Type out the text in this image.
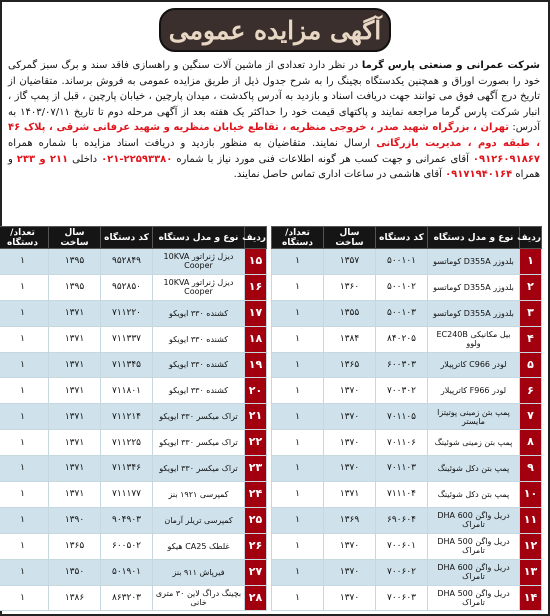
آگهی مزایده عمومی
شرکت عمرانی و صنعتی پارس گرما در نظر دارد تعدادی از ماشین آلات سنگین و راهسازی فاقد سند و برگ سبز گمرکی خود را بصورت اوراق و همچنین یکدستگاه بچینگ را به شرح جدول ذیل از طریق مزایده عمومی به فروش برساند. متقاضیان از تاریخ درج آگهی فوق می توانند جهت دریافت اسناد و بازدید به آدرس پاکدشت ، میدان پارچین ، خیابان پارچین ، قبل از پمپ گاز ، انبار شرکت پارس گرما مراجعه نمایند و پاکتهای قیمت خود را حداکثر یک هفته بعد از آگهی مرحله دوم تا تاریخ ۱۴۰۳/۰۷/۱۱ به آدرس: تهران ، بزرگراه شهید صدر ، خروجی منظریه ، تقاطع خیابان منظریه و شهید عرفانی شرقی ، پلاک ۴۶ ، طبقه دوم ، مدیریت بازرگانی ارسال نمایند. متقاضیان به منظور بازدید و دریافت اسناد مزایده با شماره همراه ۰۹۱۲۶۰۹۱۸۶۷ آقای عمرانی و جهت کسب هر گونه اطلاعات فنی مورد نیاز با شماره ۲۲۵۹۳۳۸۰-۰۲۱ داخلی ۲۱۱ و ۲۳۳ و همراه ۰۹۱۷۱۹۴۰۱۶۴ آقای هاشمی در ساعات اداری تماس حاصل نمایند.
ردیف	نوع و مدل دستگاه	کد دستگاه	سال ساخت	تعداد/دستگاه
۱	بلدوزر D355A کوماتسو	۵۰۰۱۰۱	۱۳۵۷	۱
۲	بلدوزر D355A کوماتسو	۵۰۰۱۰۲	۱۳۶۰	۱
۳	بلدوزر D355A کوماتسو	۵۰۰۱۰۳	۱۳۵۵	۱
۴	بیل مکانیکی EC240B ولوو	۸۴۰۲۰۵	۱۳۸۴	۱
۵	لودر C966 کاترپیلار	۶۰۰۳۰۳	۱۳۶۵	۱
۶	لودر F966 کاترپیلار	۷۰۰۳۰۲	۱۳۷۰	۱
۷	پمپ بتن زمینی پوتیتزا مایستر	۷۰۱۱۰۵	۱۳۷۰	۱
۸	پمپ بتن زمینی شوئینگ	۷۰۱۱۰۶	۱۳۷۰	۱
۹	پمپ بتن دکل شوئینگ	۷۰۱۱۰۳	۱۳۷۰	۱
۱۰	پمپ بتن دکل شوئینگ	۷۱۱۱۰۴	۱۳۷۱	۱
۱۱	دریل واگن DHA 600 تامراک	۶۹۰۶۰۴	۱۳۶۹	۱
۱۲	دریل واگن DHA 500 تامراک	۷۰۰۶۰۱	۱۳۷۰	۱
۱۳	دریل واگن DHA 600 تامراک	۷۰۰۶۰۲	۱۳۷۰	۱
۱۴	دریل واگن DHA 500 تامراک	۷۰۰۶۰۳	۱۳۷۰	۱
ردیف	نوع و مدل دستگاه	کد دستگاه	سال ساخت	تعداد/دستگاه
۱۵	دیزل ژنراتور 10KVA Cooper	۹۵۲۸۴۹	۱۳۹۵	۱
۱۶	دیزل ژنراتور 10KVA Cooper	۹۵۲۸۵۰	۱۳۹۵	۱
۱۷	کشنده ۳۳۰ ایویکو	۷۱۱۲۲۰	۱۳۷۱	۱
۱۸	کشنده ۳۳۰ ایویکو	۷۱۱۳۳۷	۱۳۷۱	۱
۱۹	کشنده ۳۳۰ ایویکو	۷۱۱۳۴۵	۱۳۷۱	۱
۲۰	کشنده ۳۳۰ ایویکو	۷۱۱۸۰۱	۱۳۷۱	۱
۲۱	تراک میکسر ۳۳۰ ایویکو	۷۱۱۲۱۴	۱۳۷۱	۱
۲۲	تراک میکسر ۳۳۰ ایویکو	۷۱۱۲۲۵	۱۳۷۱	۱
۲۳	تراک میکسر ۳۳۰ ایویکو	۷۱۱۳۴۶	۱۳۷۱	۱
۲۴	کمپرسی ۱۹۲۱ بنز	۷۱۱۱۷۷	۱۳۷۱	۱
۲۵	کمپرسی تریلر آرمان	۹۰۴۹۰۳	۱۳۹۰	۱
۲۶	غلطک CA25 هیکو	۶۰۰۵۰۲	۱۳۶۵	۱
۲۷	فیرپاش ۹۱۱ بنز	۵۰۱۹۰۱	۱۳۵۰	۱
۲۸	بچینگ دراگ لاین ۳۰ متری خانی	۸۶۳۲۰۳	۱۳۸۶	۱
